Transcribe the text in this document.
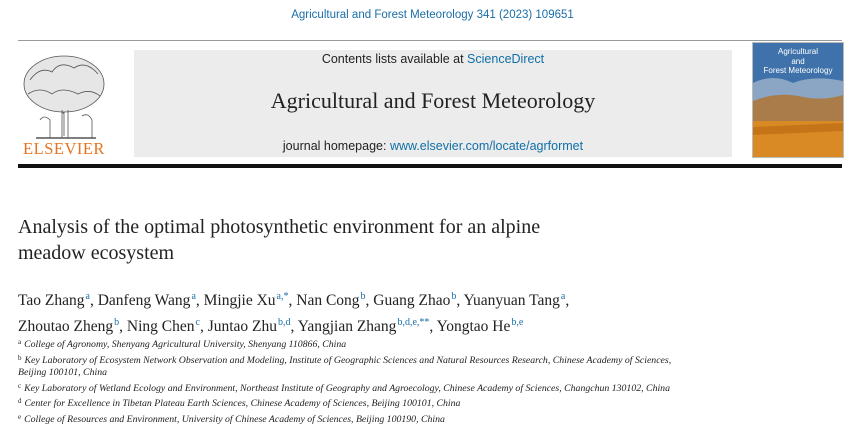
Agricultural and Forest Meteorology 341 (2023) 109651
ELSEVIER
Contents lists available at ScienceDirect
Agricultural and Forest Meteorology
journal homepage: www.elsevier.com/locate/agrformet
Agricultural
and
Forest Meteorology
Analysis of the optimal photosynthetic environment for an alpine
meadow ecosystem
Tao Zhang$^a$, Danfeng Wang$^a$, Mingjie $Xu^{a,*}$, Nan Cong$^b$, Guang Zhao$^b$, Yuanyuan Tang$^a$,
Zhoutao Zheng$^b$, Ning Chen$^c$, Juntao Zhu$^{b,d}$, Yangjian Zhang$^{b,d,e,**}$, Yongtao He$^{b,e}$
$^a$ College of Agronomy, Shenyang Agricultural University, Shenyang 110866, China
$^b$ Key Laboratory of Ecosystem Network Observation and Modeling, Institute of Geographic Sciences and Natural Resources Research, Chinese Academy of Sciences,
Beijing 100101, China
$^c$ Key Laboratory of Wetland Ecology and Environment, Northeast Institute of Geography and Agroecology, Chinese Academy of Sciences, Changchun 130102, China
$^d$ Center for Excellence in Tibetan Plateau Earth Sciences, Chinese Academy of Sciences, Beijing 100101, China
$^e$ College of Resources and Environment, University of Chinese Academy of Sciences, Beijing 100190, China
